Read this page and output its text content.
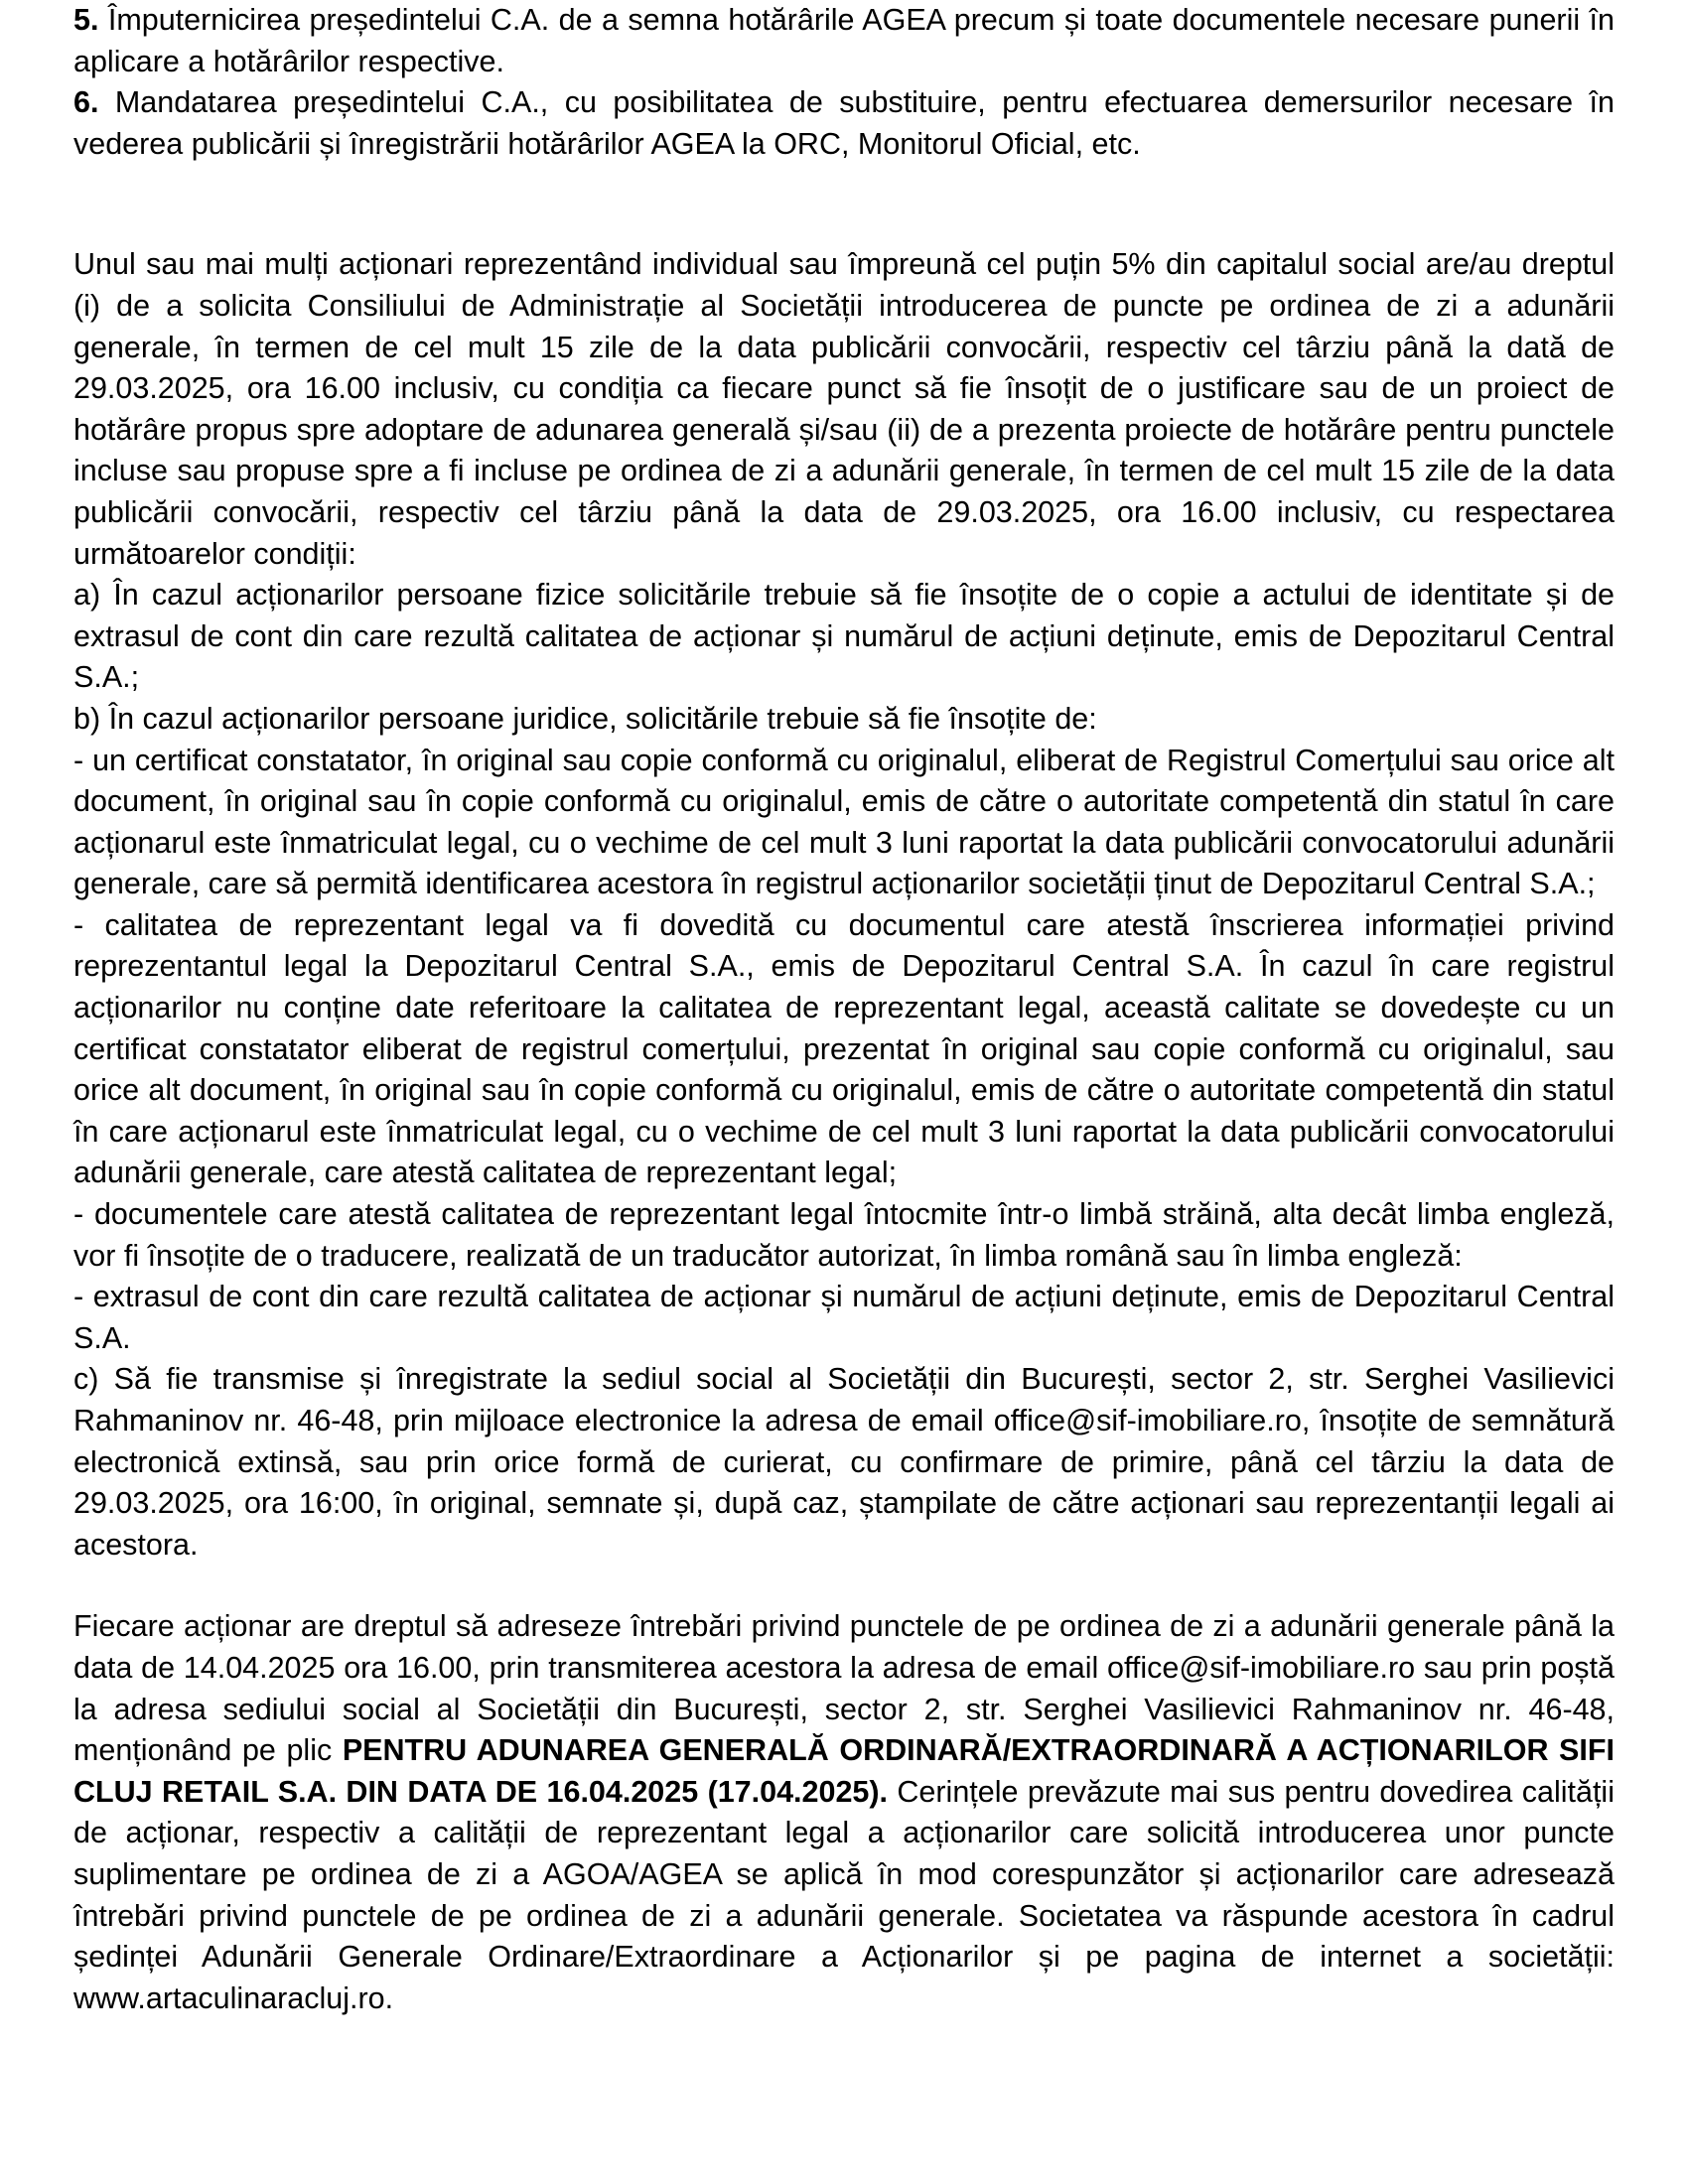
5. Împuternicirea președintelui C.A. de a semna hotărârile AGEA precum și toate documentele necesare punerii în aplicare a hotărârilor respective.

6. Mandatarea președintelui C.A., cu posibilitatea de substituire, pentru efectuarea demersurilor necesare în vederea publicării și înregistrării hotărârilor AGEA la ORC, Monitorul Oficial, etc.

Unul sau mai mulți acționari reprezentând individual sau împreună cel puțin 5% din capitalul social are/au dreptul (i) de a solicita Consiliului de Administrație al Societății introducerea de puncte pe ordinea de zi a adunării generale, în termen de cel mult 15 zile de la data publicării convocării, respectiv cel târziu până la dată de 29.03.2025, ora 16.00 inclusiv, cu condiția ca fiecare punct să fie însoțit de o justificare sau de un proiect de hotărâre propus spre adoptare de adunarea generală și/sau (ii) de a prezenta proiecte de hotărâre pentru punctele incluse sau propuse spre a fi incluse pe ordinea de zi a adunării generale, în termen de cel mult 15 zile de la data publicării convocării, respectiv cel târziu până la data de 29.03.2025, ora 16.00 inclusiv, cu respectarea următoarelor condiții:

a) În cazul acționarilor persoane fizice solicitările trebuie să fie însoțite de o copie a actului de identitate și de extrasul de cont din care rezultă calitatea de acționar și numărul de acțiuni deținute, emis de Depozitarul Central S.A.;

b) În cazul acționarilor persoane juridice, solicitările trebuie să fie însoțite de:

- un certificat constatator, în original sau copie conformă cu originalul, eliberat de Registrul Comerțului sau orice alt document, în original sau în copie conformă cu originalul, emis de către o autoritate competentă din statul în care acționarul este înmatriculat legal, cu o vechime de cel mult 3 luni raportat la data publicării convocatorului adunării generale, care să permită identificarea acestora în registrul acționarilor societății ținut de Depozitarul Central S.A.;

- calitatea de reprezentant legal va fi dovedită cu documentul care atestă înscrierea informației privind reprezentantul legal la Depozitarul Central S.A., emis de Depozitarul Central S.A. În cazul în care registrul acționarilor nu conține date referitoare la calitatea de reprezentant legal, această calitate se dovedește cu un certificat constatator eliberat de registrul comerțului, prezentat în original sau copie conformă cu originalul, sau orice alt document, în original sau în copie conformă cu originalul, emis de către o autoritate competentă din statul în care acționarul este înmatriculat legal, cu o vechime de cel mult 3 luni raportat la data publicării convocatorului adunării generale, care atestă calitatea de reprezentant legal;

- documentele care atestă calitatea de reprezentant legal întocmite într-o limbă străină, alta decât limba engleză, vor fi însoțite de o traducere, realizată de un traducător autorizat, în limba română sau în limba engleză:

- extrasul de cont din care rezultă calitatea de acționar și numărul de acțiuni deținute, emis de Depozitarul Central S.A.

c) Să fie transmise și înregistrate la sediul social al Societății din București, sector 2, str. Serghei Vasilievici Rahmaninov nr. 46-48, prin mijloace electronice la adresa de email office@sif-imobiliare.ro, însoțite de semnătură electronică extinsă, sau prin orice formă de curierat, cu confirmare de primire, până cel târziu la data de 29.03.2025, ora 16:00, în original, semnate și, după caz, ștampilate de către acționari sau reprezentanții legali ai acestora.

Fiecare acționar are dreptul să adreseze întrebări privind punctele de pe ordinea de zi a adunării generale până la data de 14.04.2025 ora 16.00, prin transmiterea acestora la adresa de email office@sif-imobiliare.ro sau prin poștă la adresa sediului social al Societății din București, sector 2, str. Serghei Vasilievici Rahmaninov nr. 46-48, menționând pe plic PENTRU ADUNAREA GENERALĂ ORDINARĂ/EXTRAORDINARĂ A ACȚIONARILOR SIFI CLUJ RETAIL S.A. DIN DATA DE 16.04.2025 (17.04.2025). Cerințele prevăzute mai sus pentru dovedirea calității de acționar, respectiv a calității de reprezentant legal a acționarilor care solicită introducerea unor puncte suplimentare pe ordinea de zi a AGOA/AGEA se aplică în mod corespunzător și acționarilor care adresează întrebări privind punctele de pe ordinea de zi a adunării generale. Societatea va răspunde acestora în cadrul ședinței Adunării Generale Ordinare/Extraordinare a Acționarilor și pe pagina de internet a societății: www.artaculinaracluj.ro.
